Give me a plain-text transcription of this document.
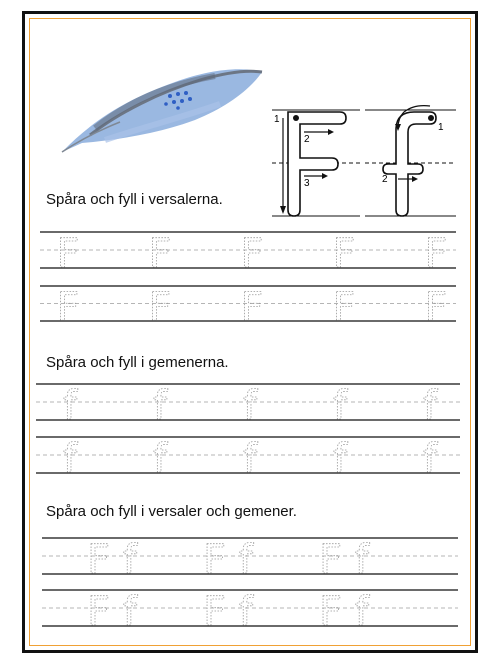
1
2
3
1
2
Spåra och fyll i versalerna.
Spåra och fyll i gemenerna.
Spåra och fyll i versaler och gemener.
F F F F F
F F F F F
f f f f f
f f f f f
F f F f F f
F f F f F f
